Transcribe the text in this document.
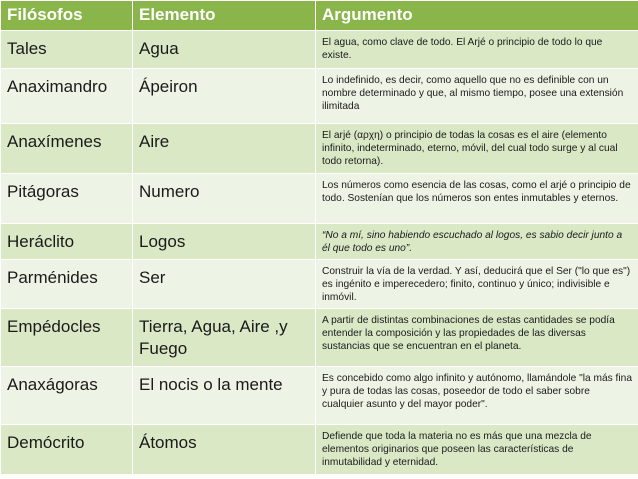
Filósofos	Elemento	Argumento
Tales	Agua	El agua, como clave de todo. El Arjé o principio de todo lo que existe.
Anaximandro	Ápeiron	Lo indefinido, es decir, como aquello que no es definible con un nombre determinado y que, al mismo tiempo, posee una extensión ilimitada
Anaxímenes	Aire	El arjé (αρχη) o principio de todas la cosas es el aire (elemento infinito, indeterminado, eterno, móvil, del cual todo surge y al cual todo retorna).
Pitágoras	Numero	Los números como esencia de las cosas, como el arjé o principio de todo. Sostenían que los números son entes inmutables y eternos.
Heráclito	Logos	“No a mí, sino habiendo escuchado al logos, es sabio decir junto a él que todo es uno”.
Parménides	Ser	Construir la vía de la verdad. Y así, deducirá que el Ser ("lo que es") es ingénito e imperecedero; finito, continuo y único; indivisible e inmóvil.
Empédocles	Tierra, Agua, Aire ,y Fuego	A partir de distintas combinaciones de estas cantidades se podía entender la composición y las propiedades de las diversas sustancias que se encuentran en el planeta.
Anaxágoras	El nocis o la mente	Es concebido como algo infinito y autónomo, llamándole "la más fina y pura de todas las cosas, poseedor de todo el saber sobre cualquier asunto y del mayor poder".
Demócrito	Átomos	Defiende que toda la materia no es más que una mezcla de elementos originarios que poseen las características de inmutabilidad y eternidad.
